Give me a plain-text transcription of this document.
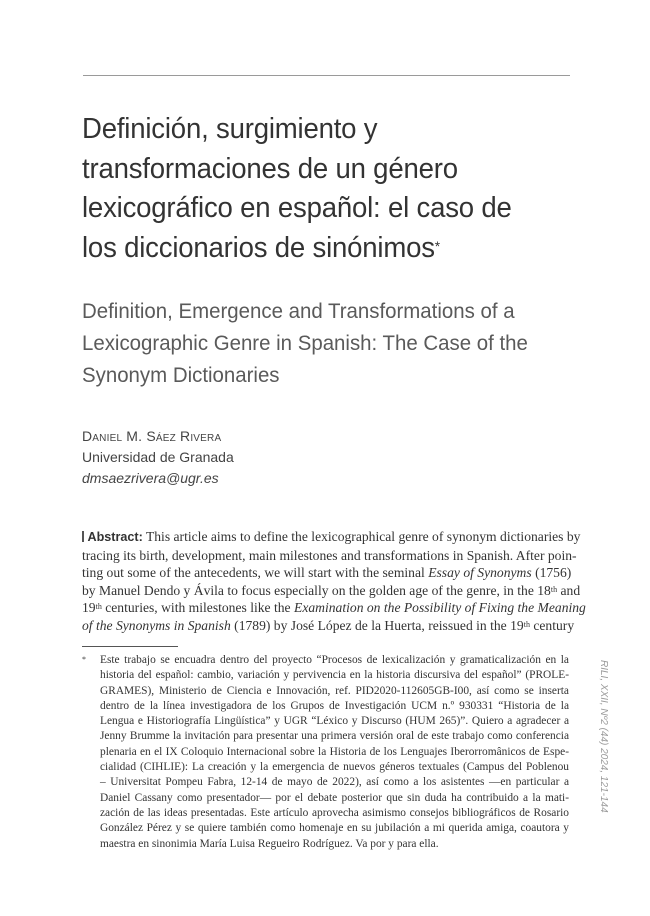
Definición, surgimiento y
transformaciones de un género
lexicográfico en español: el caso de
los diccionarios de sinónimos*
Definition, Emergence and Transformations of a
Lexicographic Genre in Spanish: The Case of the
Synonym Dictionaries
Daniel M. Sáez Rivera
Universidad de Granada
dmsaezrivera@ugr.es
Abstract: This article aims to define the lexicographical genre of synonym dictionaries by
tracing its birth, development, main milestones and transformations in Spanish. After poin-
ting out some of the antecedents, we will start with the seminal Essay of Synonyms (1756)
by Manuel Dendo y Ávila to focus especially on the golden age of the genre, in the 18th and
19th centuries, with milestones like the Examination on the Possibility of Fixing the Meaning
of the Synonyms in Spanish (1789) by José López de la Huerta, reissued in the 19th century
* Este trabajo se encuadra dentro del proyecto “Procesos de lexicalización y gramaticalización en la
historia del español: cambio, variación y pervivencia en la historia discursiva del español” (PROLE-
GRAMES), Ministerio de Ciencia e Innovación, ref. PID2020-112605GB-I00, así como se inserta
dentro de la línea investigadora de los Grupos de Investigación UCM n.º 930331 “Historia de la
Lengua e Historiografía Lingüística” y UGR “Léxico y Discurso (HUM 265)”. Quiero a agradecer a
Jenny Brumme la invitación para presentar una primera versión oral de este trabajo como conferencia
plenaria en el IX Coloquio Internacional sobre la Historia de los Lenguajes Iberorromânicos de Espe-
cialidad (CIHLIE): La creación y la emergencia de nuevos géneros textuales (Campus del Poblenou
– Universitat Pompeu Fabra, 12-14 de mayo de 2022), así como a los asistentes —en particular a
Daniel Cassany como presentador— por el debate posterior que sin duda ha contribuido a la mati-
zación de las ideas presentadas. Este artículo aprovecha asimismo consejos bibliográficos de Rosario
González Pérez y se quiere también como homenaje en su jubilación a mi querida amiga, coautora y
maestra en sinonimia María Luisa Regueiro Rodríguez. Va por y para ella.
RILI, XXII, Nº2 (44) 2024, 121-144
